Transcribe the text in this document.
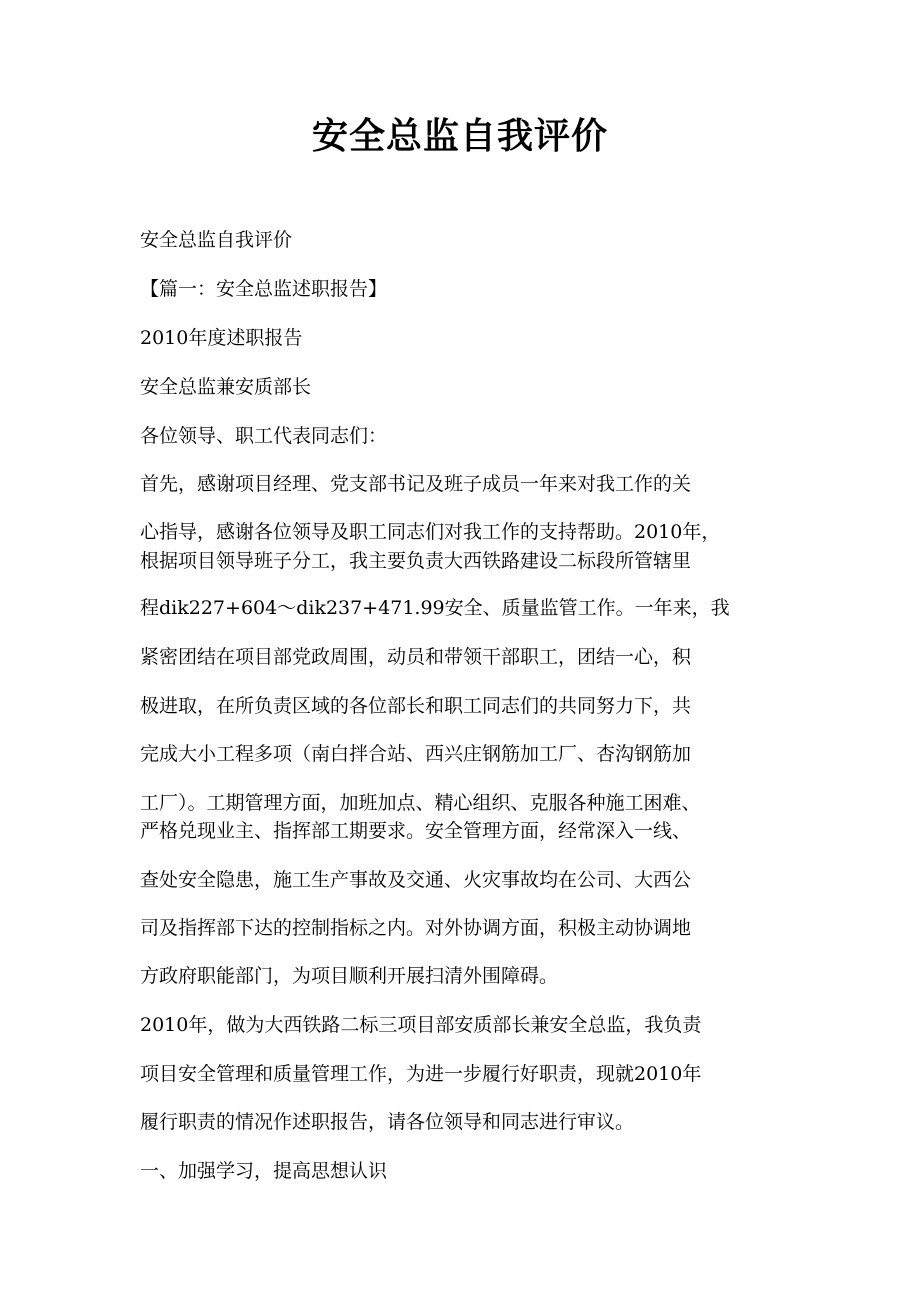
安全总监自我评价
安全总监自我评价
【篇一：安全总监述职报告】
2010年度述职报告
安全总监兼安质部长
各位领导、职工代表同志们：
首先，感谢项目经理、党支部书记及班子成员一年来对我工作的关
心指导，感谢各位领导及职工同志们对我工作的支持帮助。2010年，
根据项目领导班子分工，我主要负责大西铁路建设二标段所管辖里
程dik227+604～dik237+471.99安全、质量监管工作。一年来，我
紧密团结在项目部党政周围，动员和带领干部职工，团结一心，积
极进取，在所负责区域的各位部长和职工同志们的共同努力下，共
完成大小工程多项（南白拌合站、西兴庄钢筋加工厂、杏沟钢筋加
工厂）。工期管理方面，加班加点、精心组织、克服各种施工困难、
严格兑现业主、指挥部工期要求。安全管理方面，经常深入一线、
查处安全隐患，施工生产事故及交通、火灾事故均在公司、大西公
司及指挥部下达的控制指标之内。对外协调方面，积极主动协调地
方政府职能部门，为项目顺利开展扫清外围障碍。
2010年，做为大西铁路二标三项目部安质部长兼安全总监，我负责
项目安全管理和质量管理工作，为进一步履行好职责，现就2010年
履行职责的情况作述职报告，请各位领导和同志进行审议。
一、加强学习，提高思想认识
